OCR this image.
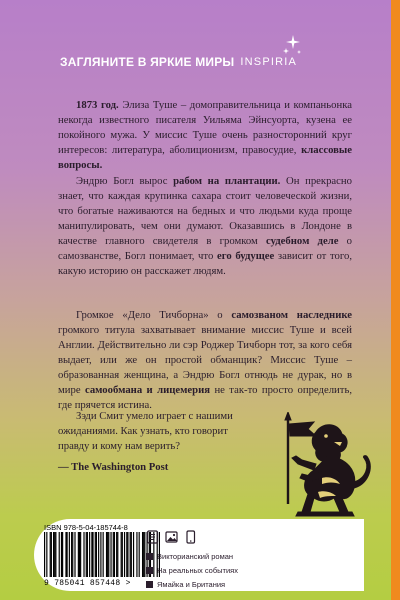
ЗАГЛЯНИТЕ В ЯРКИЕ МИРЫ INSPIRIA

1873 год. Элиза Туше – домоправительница и компаньонка некогда известного писателя Уильяма Эйнсуорта, кузена ее покойного мужа. У миссис Туше очень разносторонний круг интересов: литература, аболиционизм, правосудие, классовые вопросы.

Эндрю Богл вырос рабом на плантации. Он прекрасно знает, что каждая крупинка сахара стоит человеческой жизни, что богатые наживаются на бедных и что людьми куда проще манипулировать, чем они думают. Оказавшись в Лондоне в качестве главного свидетеля в громком судебном деле о самозванстве, Богл понимает, что его будущее зависит от того, какую историю он расскажет людям.

Громкое «Дело Тичборна» о самозваном наследнике громкого титула захватывает внимание миссис Туше и всей Англии. Действительно ли сэр Роджер Тичборн тот, за кого себя выдает, или же он простой обманщик? Миссис Туше – образованная женщина, а Эндрю Богл отнюдь не дурак, но в мире самообмана и лицемерия не так-то просто определить, где прячется истина.

Зэди Смит умело играет с нашими ожиданиями. Как узнать, кто говорит правду и кому нам верить?

— The Washington Post

ISBN 978-5-04-185744-8
9 785041 857448 >
Викторианский роман
На реальных событиях
Ямайка и Британия
